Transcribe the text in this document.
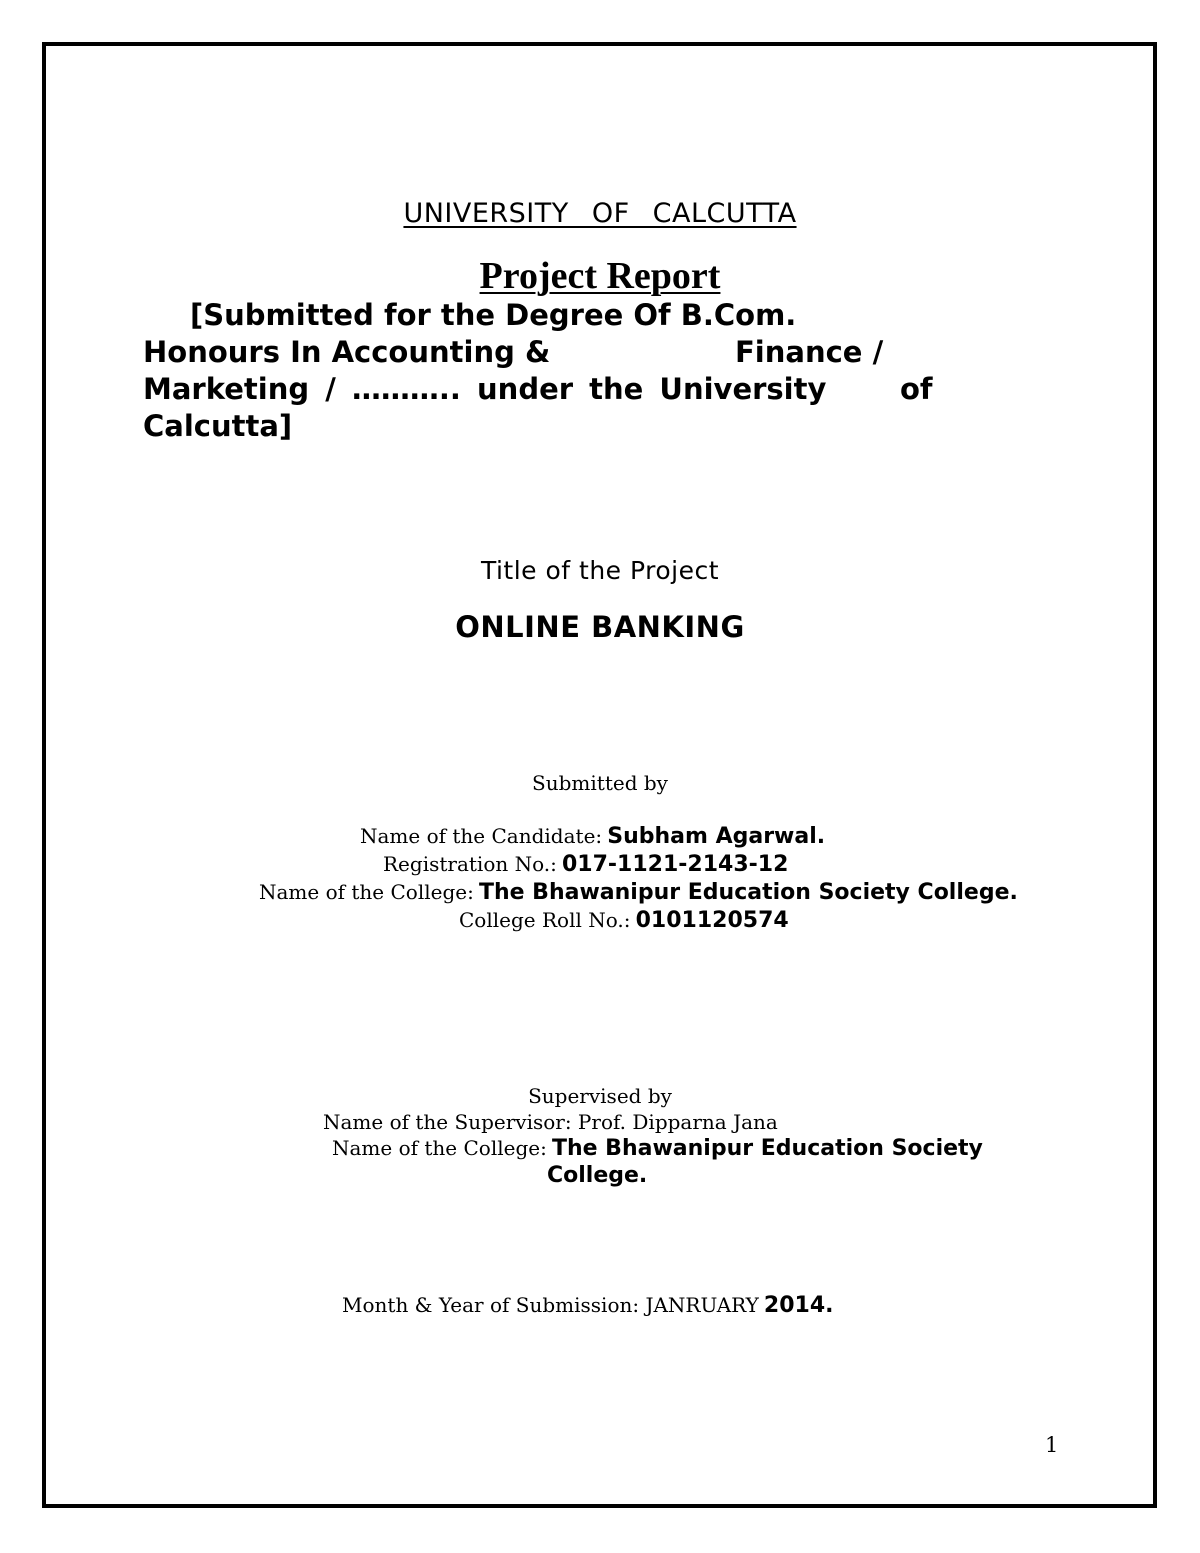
UNIVERSITY OF CALCUTTA
Project Report
[Submitted for the Degree Of B.Com.
Honours In Accounting &	Finance /
Marketing / ……….. under the University	of
Calcutta]
Title of the Project
ONLINE BANKING
Submitted by
Name of the Candidate: Subham Agarwal.
Registration No.: 017-1121-2143-12
Name of the College: The Bhawanipur Education Society College.
College Roll No.: 0101120574
Supervised by
Name of the Supervisor: Prof. Dipparna Jana
Name of the College: The Bhawanipur Education Society
College.
Month & Year of Submission: JANRUARY 2014.
1
